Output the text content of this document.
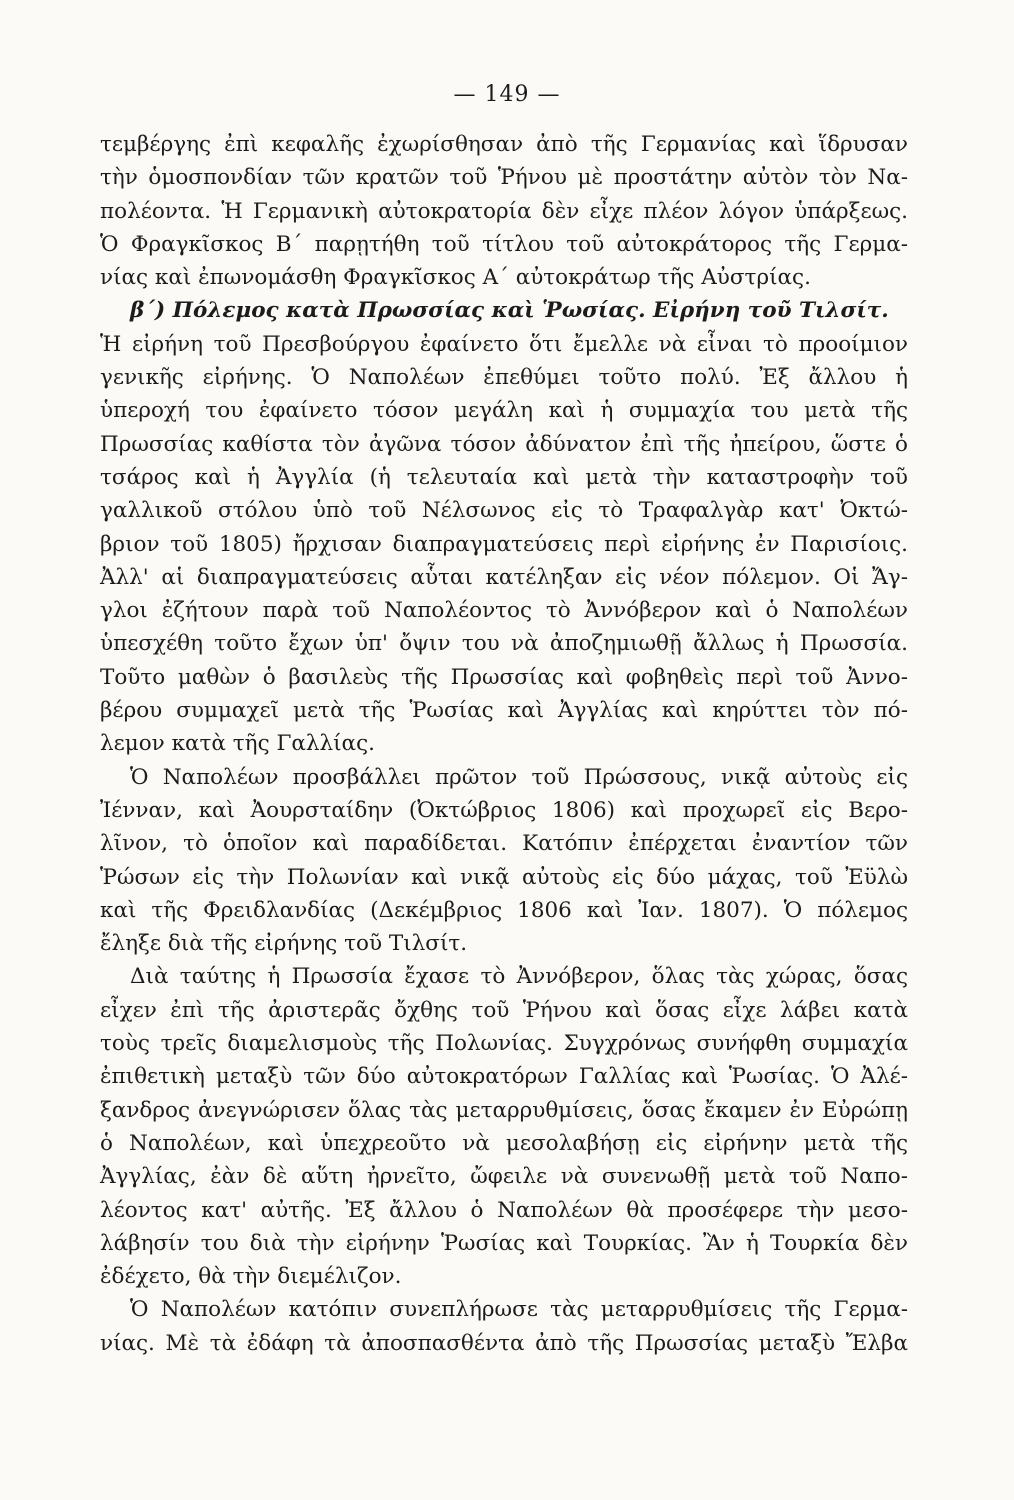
— 149 —
τεμβέργης ἐπὶ κεφαλῆς ἐχωρίσθησαν ἀπὸ τῆς Γερμανίας καὶ ἵδρυσαν
τὴν ὁμοσπονδίαν τῶν κρατῶν τοῦ Ῥήνου μὲ προστάτην αὐτὸν τὸν Να-
πολέοντα. Ἡ Γερμανικὴ αὐτοκρατορία δὲν εἶχε πλέον λόγον ὑπάρξεως.
Ὁ Φραγκῖσκος Β΄ παρῃτήθη τοῦ τίτλου τοῦ αὐτοκράτορος τῆς Γερμα-
νίας καὶ ἐπωνομάσθη Φραγκῖσκος Α΄ αὐτοκράτωρ τῆς Αὐστρίας.
β΄) Πόλεμος κατὰ Πρωσσίας καὶ Ῥωσίας. Εἰρήνη τοῦ Τιλσίτ.
Ἡ εἰρήνη τοῦ Πρεσβούργου ἐφαίνετο ὅτι ἔμελλε νὰ εἶναι τὸ προοίμιον
γενικῆς εἰρήνης. Ὁ Ναπολέων ἐπεθύμει τοῦτο πολύ. Ἐξ ἄλλου ἡ
ὑπεροχή του ἐφαίνετο τόσον μεγάλη καὶ ἡ συμμαχία του μετὰ τῆς
Πρωσσίας καθίστα τὸν ἀγῶνα τόσον ἀδύνατον ἐπὶ τῆς ἠπείρου, ὥστε ὁ
τσάρος καὶ ἡ Ἀγγλία (ἡ τελευταία καὶ μετὰ τὴν καταστροφὴν τοῦ
γαλλικοῦ στόλου ὑπὸ τοῦ Νέλσωνος εἰς τὸ Τραφαλγὰρ κατ' Ὀκτώ-
βριον τοῦ 1805) ἤρχισαν διαπραγματεύσεις περὶ εἰρήνης ἐν Παρισίοις.
Ἀλλ' αἱ διαπραγματεύσεις αὗται κατέληξαν εἰς νέον πόλεμον. Οἱ Ἄγ-
γλοι ἐζήτουν παρὰ τοῦ Ναπολέοντος τὸ Ἀννόβερον καὶ ὁ Ναπολέων
ὑπεσχέθη τοῦτο ἔχων ὑπ' ὄψιν του νὰ ἀποζημιωθῇ ἄλλως ἡ Πρωσσία.
Τοῦτο μαθὼν ὁ βασιλεὺς τῆς Πρωσσίας καὶ φοβηθεὶς περὶ τοῦ Ἀννο-
βέρου συμμαχεῖ μετὰ τῆς Ῥωσίας καὶ Ἀγγλίας καὶ κηρύττει τὸν πό-
λεμον κατὰ τῆς Γαλλίας.
Ὁ Ναπολέων προσβάλλει πρῶτον τοῦ Πρώσσους, νικᾷ αὐτοὺς εἰς
Ἰένναν, καὶ Ἀουρσταίδην (Ὀκτώβριος 1806) καὶ προχωρεῖ εἰς Βερο-
λῖνον, τὸ ὁποῖον καὶ παραδίδεται. Κατόπιν ἐπέρχεται ἐναντίον τῶν
Ῥώσων εἰς τὴν Πολωνίαν καὶ νικᾷ αὐτοὺς εἰς δύο μάχας, τοῦ Ἐϋλὼ
καὶ τῆς Φρειδλανδίας (Δεκέμβριος 1806 καὶ Ἰαν. 1807). Ὁ πόλεμος
ἔληξε διὰ τῆς εἰρήνης τοῦ Τιλσίτ.
Διὰ ταύτης ἡ Πρωσσία ἔχασε τὸ Ἀννόβερον, ὅλας τὰς χώρας, ὅσας
εἶχεν ἐπὶ τῆς ἀριστερᾶς ὄχθης τοῦ Ῥήνου καὶ ὅσας εἶχε λάβει κατὰ
τοὺς τρεῖς διαμελισμοὺς τῆς Πολωνίας. Συγχρόνως συνήφθη συμμαχία
ἐπιθετικὴ μεταξὺ τῶν δύο αὐτοκρατόρων Γαλλίας καὶ Ῥωσίας. Ὁ Ἀλέ-
ξανδρος ἀνεγνώρισεν ὅλας τὰς μεταρρυθμίσεις, ὅσας ἔκαμεν ἐν Εὐρώπῃ
ὁ Ναπολέων, καὶ ὑπεχρεοῦτο νὰ μεσολαβήσῃ εἰς εἰρήνην μετὰ τῆς
Ἀγγλίας, ἐὰν δὲ αὕτη ἠρνεῖτο, ὤφειλε νὰ συνενωθῇ μετὰ τοῦ Ναπο-
λέοντος κατ' αὐτῆς. Ἐξ ἄλλου ὁ Ναπολέων θὰ προσέφερε τὴν μεσο-
λάβησίν του διὰ τὴν εἰρήνην Ῥωσίας καὶ Τουρκίας. Ἂν ἡ Τουρκία δὲν
ἐδέχετο, θὰ τὴν διεμέλιζον.
Ὁ Ναπολέων κατόπιν συνεπλήρωσε τὰς μεταρρυθμίσεις τῆς Γερμα-
νίας. Μὲ τὰ ἐδάφη τὰ ἀποσπασθέντα ἀπὸ τῆς Πρωσσίας μεταξὺ Ἔλβα
